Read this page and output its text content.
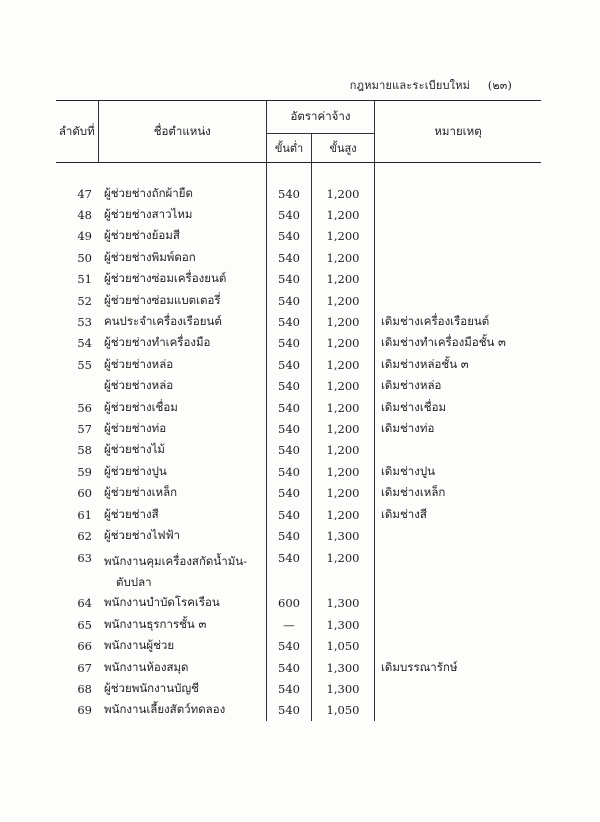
กฎหมายและระเบียบใหม่ (๒๓)
ลำดับที่	ชื่อตำแหน่ง	อัตราค่าจ้าง		หมายเหตุ
		ขั้นต่ำ	ขั้นสูง	
47	ผู้ช่วยช่างถักผ้ายืด	540	1,200	
48	ผู้ช่วยช่างสาวไหม	540	1,200	
49	ผู้ช่วยช่างย้อมสี	540	1,200	
50	ผู้ช่วยช่างพิมพ์ดอก	540	1,200	
51	ผู้ช่วยช่างซ่อมเครื่องยนต์	540	1,200	
52	ผู้ช่วยช่างซ่อมแบตเตอรี่	540	1,200	
53	คนประจำเครื่องเรือยนต์	540	1,200	เดิมช่างเครื่องเรือยนต์
54	ผู้ช่วยช่างทำเครื่องมือ	540	1,200	เดิมช่างทำเครื่องมือชั้น ๓
55	ผู้ช่วยช่างหล่อ	540	1,200	เดิมช่างหล่อชั้น ๓
	ผู้ช่วยช่างหล่อ	540	1,200	เดิมช่างหล่อ
56	ผู้ช่วยช่างเชื่อม	540	1,200	เดิมช่างเชื่อม
57	ผู้ช่วยช่างท่อ	540	1,200	เดิมช่างท่อ
58	ผู้ช่วยช่างไม้	540	1,200	
59	ผู้ช่วยช่างปูน	540	1,200	เดิมช่างปูน
60	ผู้ช่วยช่างเหล็ก	540	1,200	เดิมช่างเหล็ก
61	ผู้ช่วยช่างสี	540	1,200	เดิมช่างสี
62	ผู้ช่วยช่างไฟฟ้า	540	1,300	
63	พนักงานคุมเครื่องสกัดน้ำมัน-
ตับปลา	540	1,200	
64	พนักงานบำบัดโรคเรือน	600	1,300	
65	พนักงานธุรการชั้น ๓	—	1,300	
66	พนักงานผู้ช่วย	540	1,050	
67	พนักงานห้องสมุด	540	1,300	เดิมบรรณารักษ์
68	ผู้ช่วยพนักงานบัญชี	540	1,300	
69	พนักงานเลี้ยงสัตว์ทดลอง	540	1,050	
